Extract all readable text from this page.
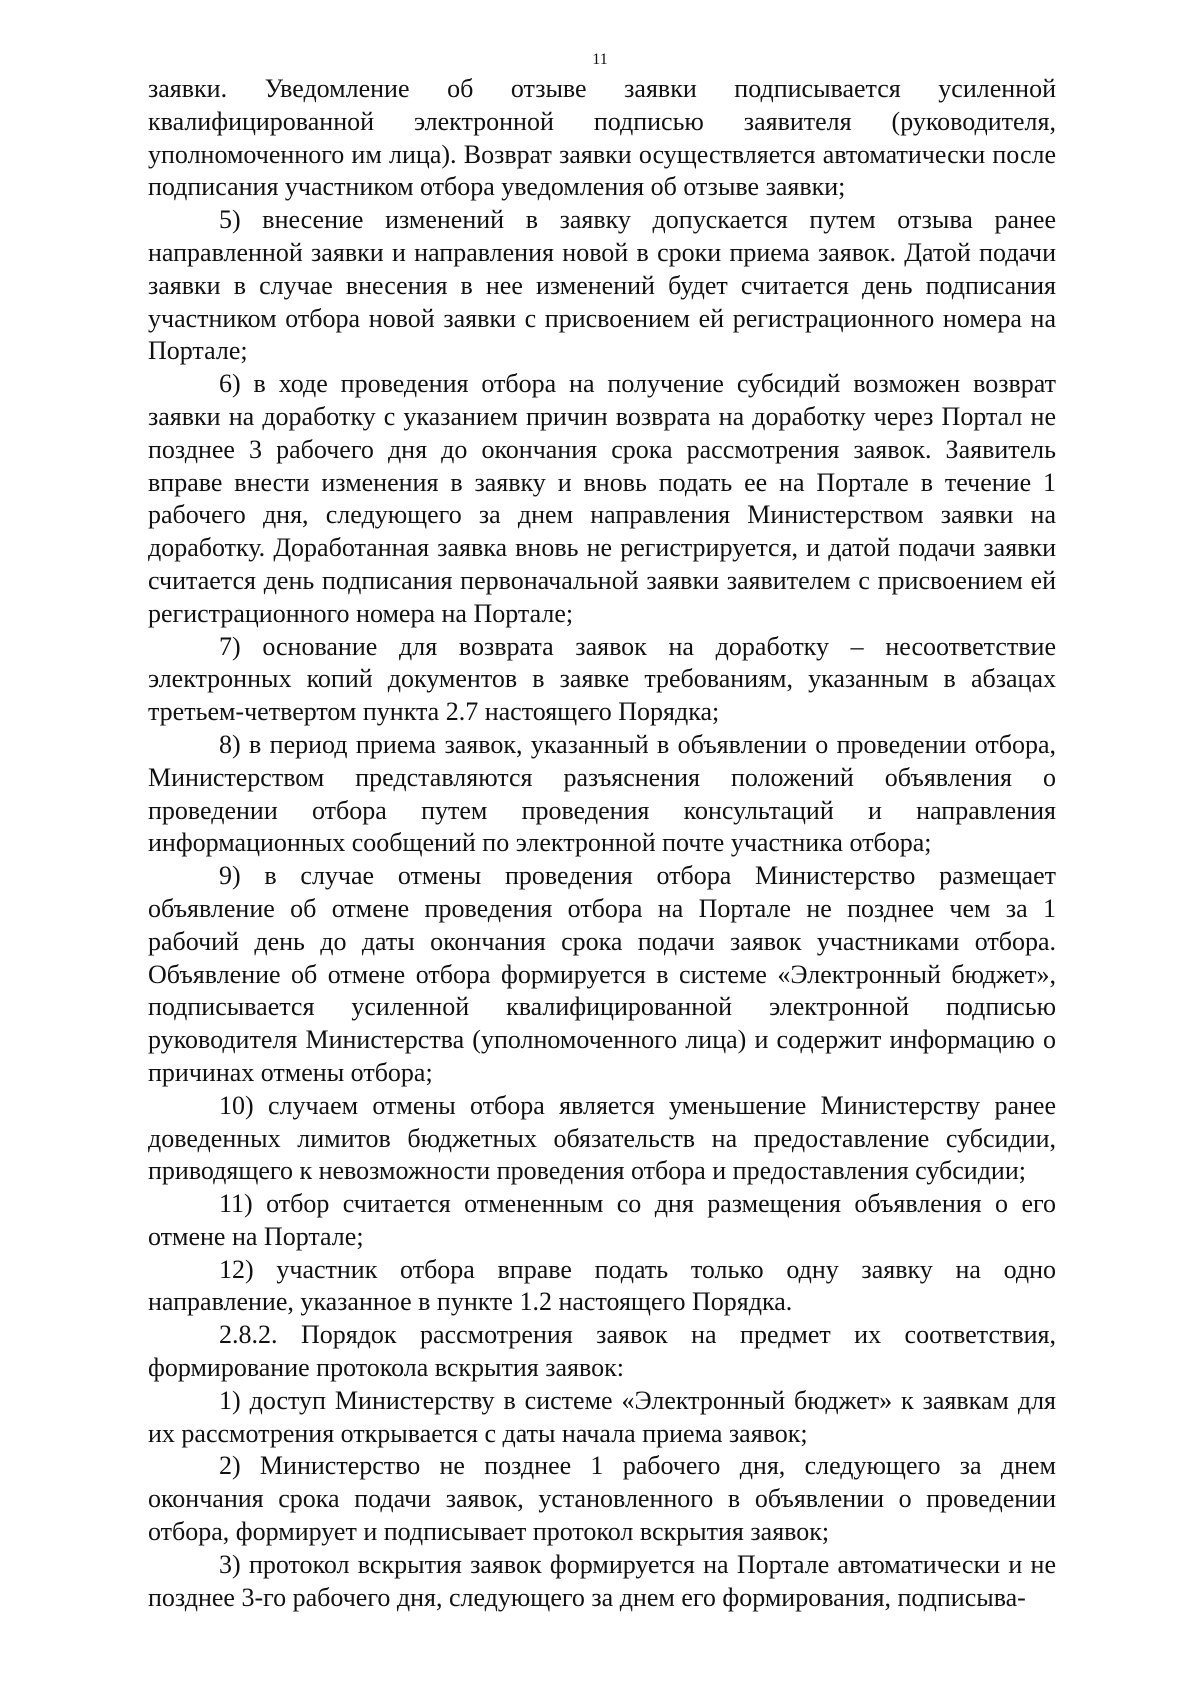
11

заявки. Уведомление об отзыве заявки подписывается усиленной квалифицированной электронной подписью заявителя (руководителя, уполномоченного им лица). Возврат заявки осуществляется автоматически после подписания участником отбора уведомления об отзыве заявки;

5) внесение изменений в заявку допускается путем отзыва ранее направленной заявки и направления новой в сроки приема заявок. Датой подачи заявки в случае внесения в нее изменений будет считается день подписания участником отбора новой заявки с присвоением ей регистрационного номера на Портале;

6) в ходе проведения отбора на получение субсидий возможен возврат заявки на доработку с указанием причин возврата на доработку через Портал не позднее 3 рабочего дня до окончания срока рассмотрения заявок. Заявитель вправе внести изменения в заявку и вновь подать ее на Портале в течение 1 рабочего дня, следующего за днем направления Министерством заявки на доработку. Доработанная заявка вновь не регистрируется, и датой подачи заявки считается день подписания первоначальной заявки заявителем с присвоением ей регистрационного номера на Портале;

7) основание для возврата заявок на доработку – несоответствие электронных копий документов в заявке требованиям, указанным в абзацах третьем-четвертом пункта 2.7 настоящего Порядка;

8) в период приема заявок, указанный в объявлении о проведении отбора, Министерством представляются разъяснения положений объявления о проведении отбора путем проведения консультаций и направления информационных сообщений по электронной почте участника отбора;

9) в случае отмены проведения отбора Министерство размещает объявление об отмене проведения отбора на Портале не позднее чем за 1 рабочий день до даты окончания срока подачи заявок участниками отбора. Объявление об отмене отбора формируется в системе «Электронный бюджет», подписывается усиленной квалифицированной электронной подписью руководителя Министерства (уполномоченного лица) и содержит информацию о причинах отмены отбора;

10) случаем отмены отбора является уменьшение Министерству ранее доведенных лимитов бюджетных обязательств на предоставление субсидии, приводящего к невозможности проведения отбора и предоставления субсидии;

11) отбор считается отмененным со дня размещения объявления о его отмене на Портале;

12) участник отбора вправе подать только одну заявку на одно направление, указанное в пункте 1.2 настоящего Порядка.

2.8.2. Порядок рассмотрения заявок на предмет их соответствия, формирование протокола вскрытия заявок:

1) доступ Министерству в системе «Электронный бюджет» к заявкам для их рассмотрения открывается с даты начала приема заявок;

2) Министерство не позднее 1 рабочего дня, следующего за днем окончания срока подачи заявок, установленного в объявлении о проведении отбора, формирует и подписывает протокол вскрытия заявок;

3) протокол вскрытия заявок формируется на Портале автоматически и не позднее 3-го рабочего дня, следующего за днем его формирования, подписыва-
